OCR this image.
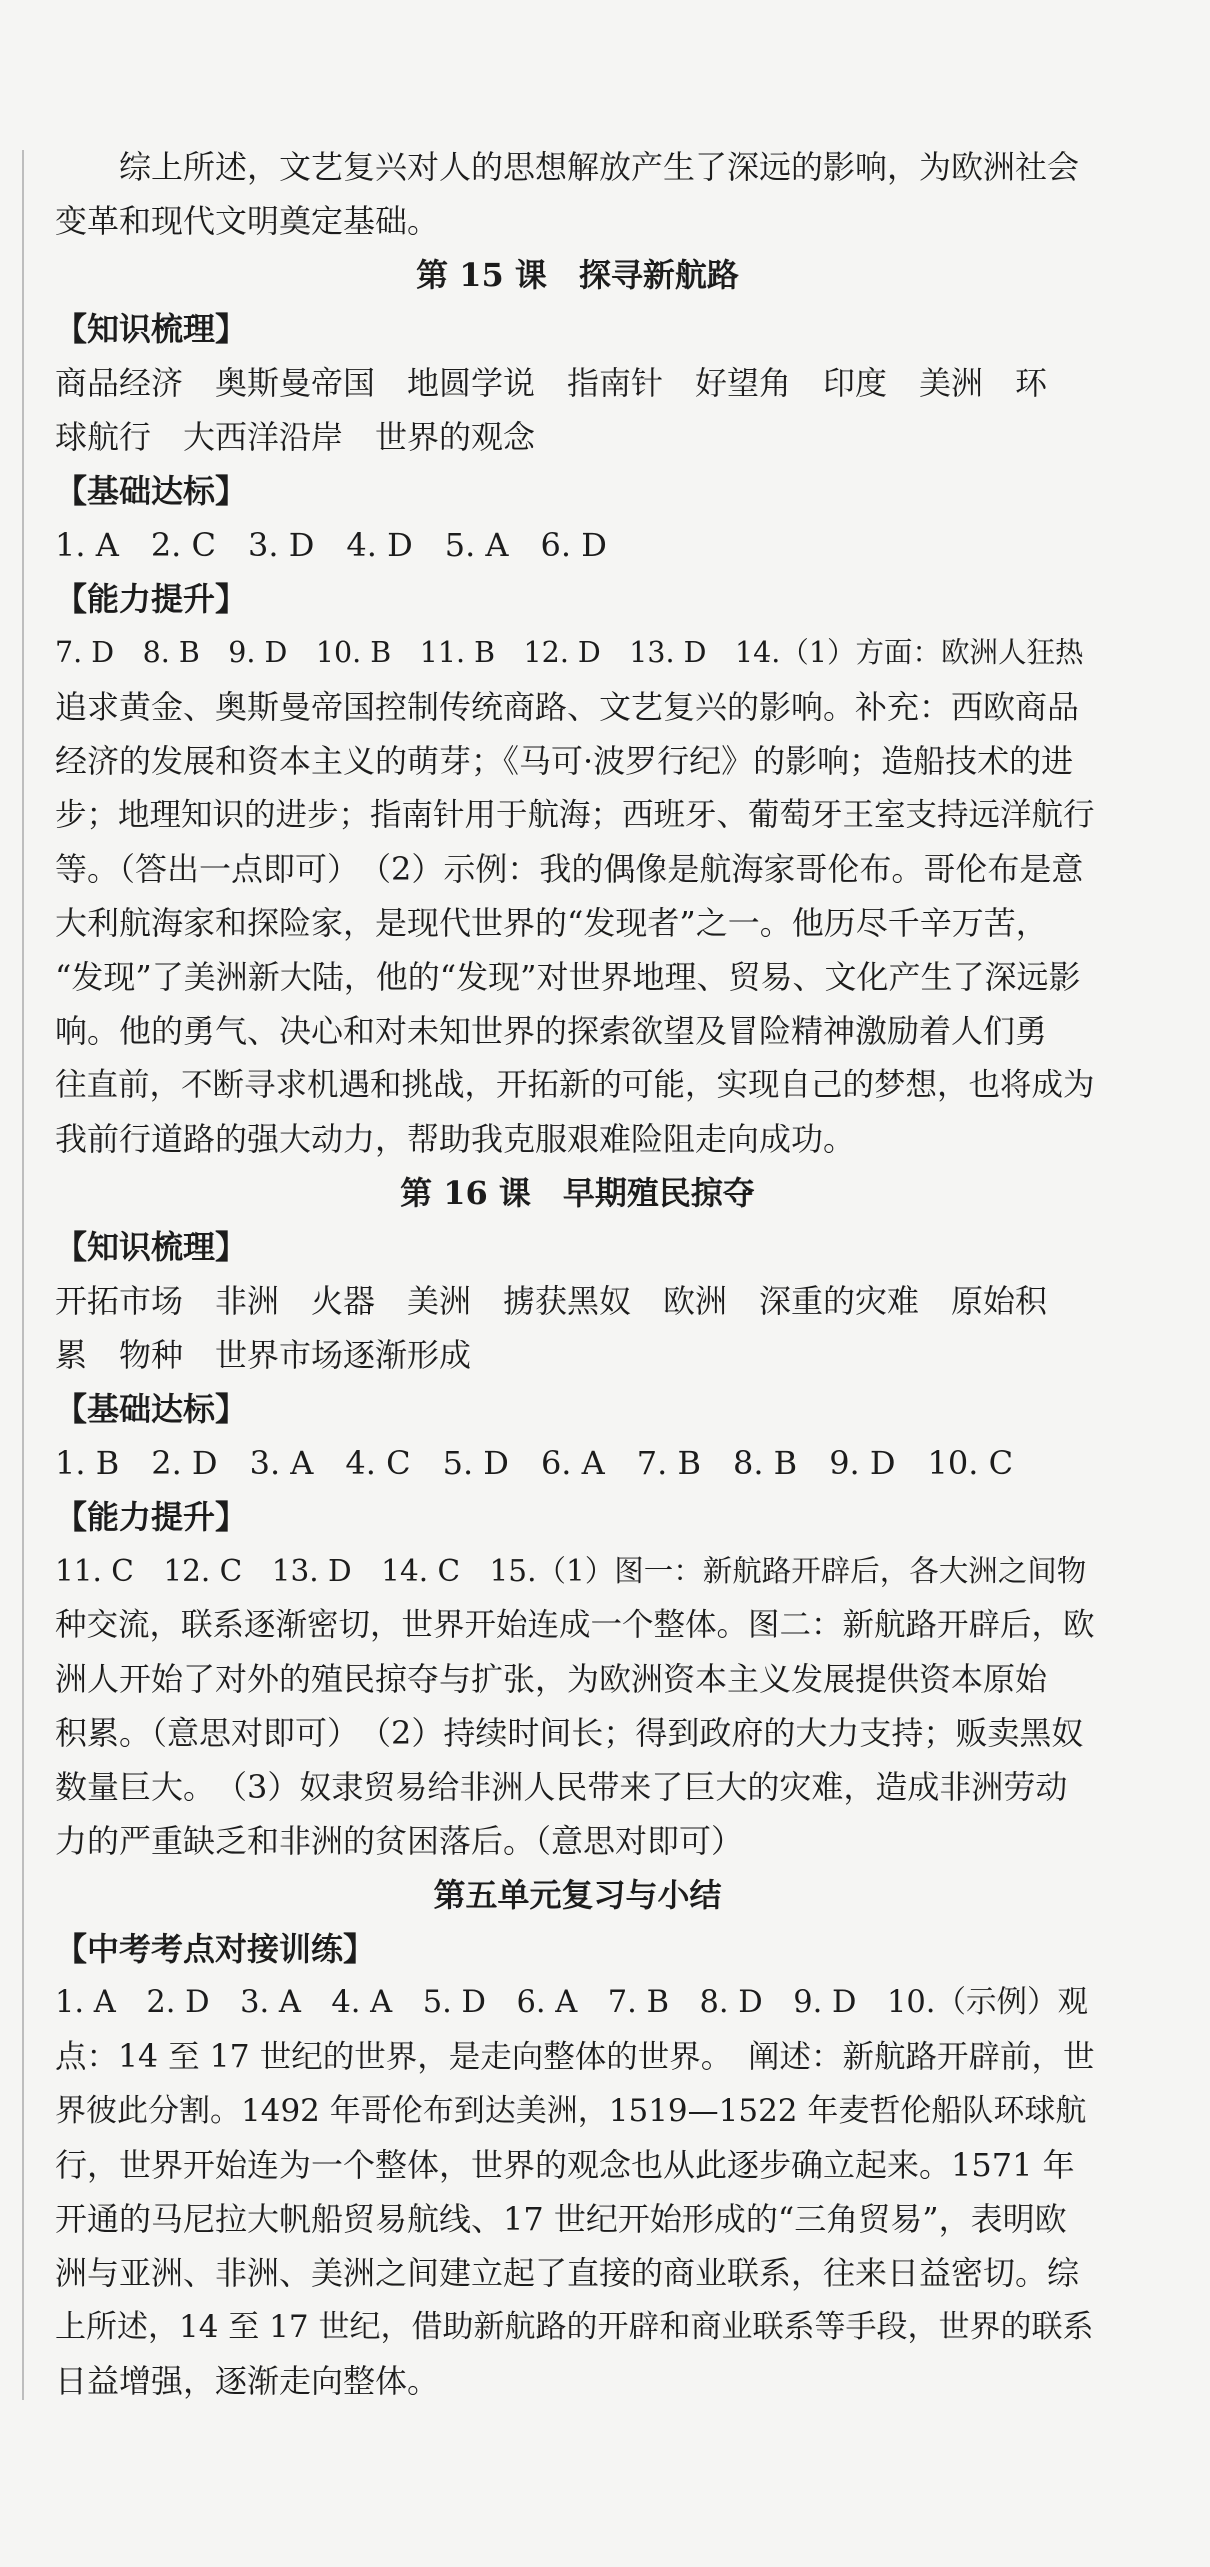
综上所述，文艺复兴对人的思想解放产生了深远的影响，为欧洲社会

变革和现代文明奠定基础。

第 15 课　探寻新航路
【知识梳理】

商品经济　奥斯曼帝国　地圆学说　指南针　好望角　印度　美洲　环

球航行　大西洋沿岸　世界的观念

【基础达标】

1. A　2. C　3. D　4. D　5. A　6. D

【能力提升】

7. D　8. B　9. D　10. B　11. B　12. D　13. D　14.（1）方面：欧洲人狂热

追求黄金、奥斯曼帝国控制传统商路、文艺复兴的影响。补充：西欧商品

经济的发展和资本主义的萌芽；《马可·波罗行纪》的影响；造船技术的进

步；地理知识的进步；指南针用于航海；西班牙、葡萄牙王室支持远洋航行

等。（答出一点即可）　（2）示例：我的偶像是航海家哥伦布。哥伦布是意

大利航海家和探险家，是现代世界的“发现者”之一。他历尽千辛万苦，

“发现”了美洲新大陆，他的“发现”对世界地理、贸易、文化产生了深远影

响。他的勇气、决心和对未知世界的探索欲望及冒险精神激励着人们勇

往直前，不断寻求机遇和挑战，开拓新的可能，实现自己的梦想，也将成为

我前行道路的强大动力，帮助我克服艰难险阻走向成功。

第 16 课　早期殖民掠夺
【知识梳理】

开拓市场　非洲　火器　美洲　掳获黑奴　欧洲　深重的灾难　原始积

累　物种　世界市场逐渐形成

【基础达标】

1. B　2. D　3. A　4. C　5. D　6. A　7. B　8. B　9. D　10. C

【能力提升】

11. C　12. C　13. D　14. C　15.（1）图一：新航路开辟后，各大洲之间物

种交流，联系逐渐密切，世界开始连成一个整体。图二：新航路开辟后，欧

洲人开始了对外的殖民掠夺与扩张，为欧洲资本主义发展提供资本原始

积累。（意思对即可）　（2）持续时间长；得到政府的大力支持；贩卖黑奴

数量巨大。　（3）奴隶贸易给非洲人民带来了巨大的灾难，造成非洲劳动

力的严重缺乏和非洲的贫困落后。（意思对即可）

第五单元复习与小结
【中考考点对接训练】

1. A　2. D　3. A　4. A　5. D　6. A　7. B　8. D　9. D　10.（示例）观

点：14 至 17 世纪的世界，是走向整体的世界。　阐述：新航路开辟前，世

界彼此分割。1492 年哥伦布到达美洲，1519—1522 年麦哲伦船队环球航

行，世界开始连为一个整体，世界的观念也从此逐步确立起来。1571 年

开通的马尼拉大帆船贸易航线、17 世纪开始形成的“三角贸易”，表明欧

洲与亚洲、非洲、美洲之间建立起了直接的商业联系，往来日益密切。综

上所述，14 至 17 世纪，借助新航路的开辟和商业联系等手段，世界的联系

日益增强，逐渐走向整体。
